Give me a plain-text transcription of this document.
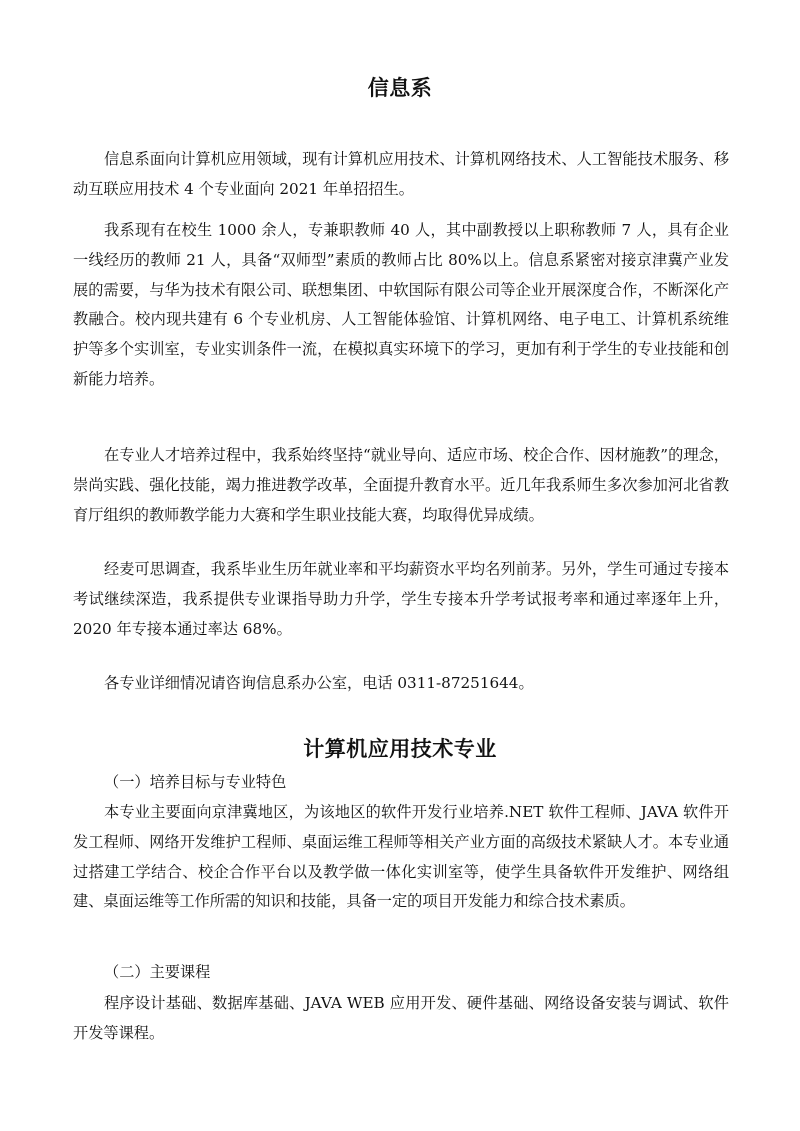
信息系

信息系面向计算机应用领域，现有计算机应用技术、计算机网络技术、人工智能技术服务、移动互联应用技术 4 个专业面向 2021 年单招招生。

我系现有在校生 1000 余人，专兼职教师 40 人，其中副教授以上职称教师 7 人，具有企业一线经历的教师 21 人，具备“双师型”素质的教师占比 80%以上。信息系紧密对接京津冀产业发展的需要，与华为技术有限公司、联想集团、中软国际有限公司等企业开展深度合作，不断深化产教融合。校内现共建有 6 个专业机房、人工智能体验馆、计算机网络、电子电工、计算机系统维护等多个实训室，专业实训条件一流，在模拟真实环境下的学习，更加有利于学生的专业技能和创新能力培养。

在专业人才培养过程中，我系始终坚持“就业导向、适应市场、校企合作、因材施教”的理念，崇尚实践、强化技能，竭力推进教学改革，全面提升教育水平。近几年我系师生多次参加河北省教育厅组织的教师教学能力大赛和学生职业技能大赛，均取得优异成绩。

经麦可思调查，我系毕业生历年就业率和平均薪资水平均名列前茅。另外，学生可通过专接本考试继续深造，我系提供专业课指导助力升学，学生专接本升学考试报考率和通过率逐年上升，2020 年专接本通过率达 68%。

各专业详细情况请咨询信息系办公室，电话 0311-87251644。

计算机应用技术专业

（一）培养目标与专业特色

本专业主要面向京津冀地区，为该地区的软件开发行业培养.NET 软件工程师、JAVA 软件开发工程师、网络开发维护工程师、桌面运维工程师等相关产业方面的高级技术紧缺人才。本专业通过搭建工学结合、校企合作平台以及教学做一体化实训室等，使学生具备软件开发维护、网络组建、桌面运维等工作所需的知识和技能，具备一定的项目开发能力和综合技术素质。

（二）主要课程

程序设计基础、数据库基础、JAVA WEB 应用开发、硬件基础、网络设备安装与调试、软件开发等课程。
